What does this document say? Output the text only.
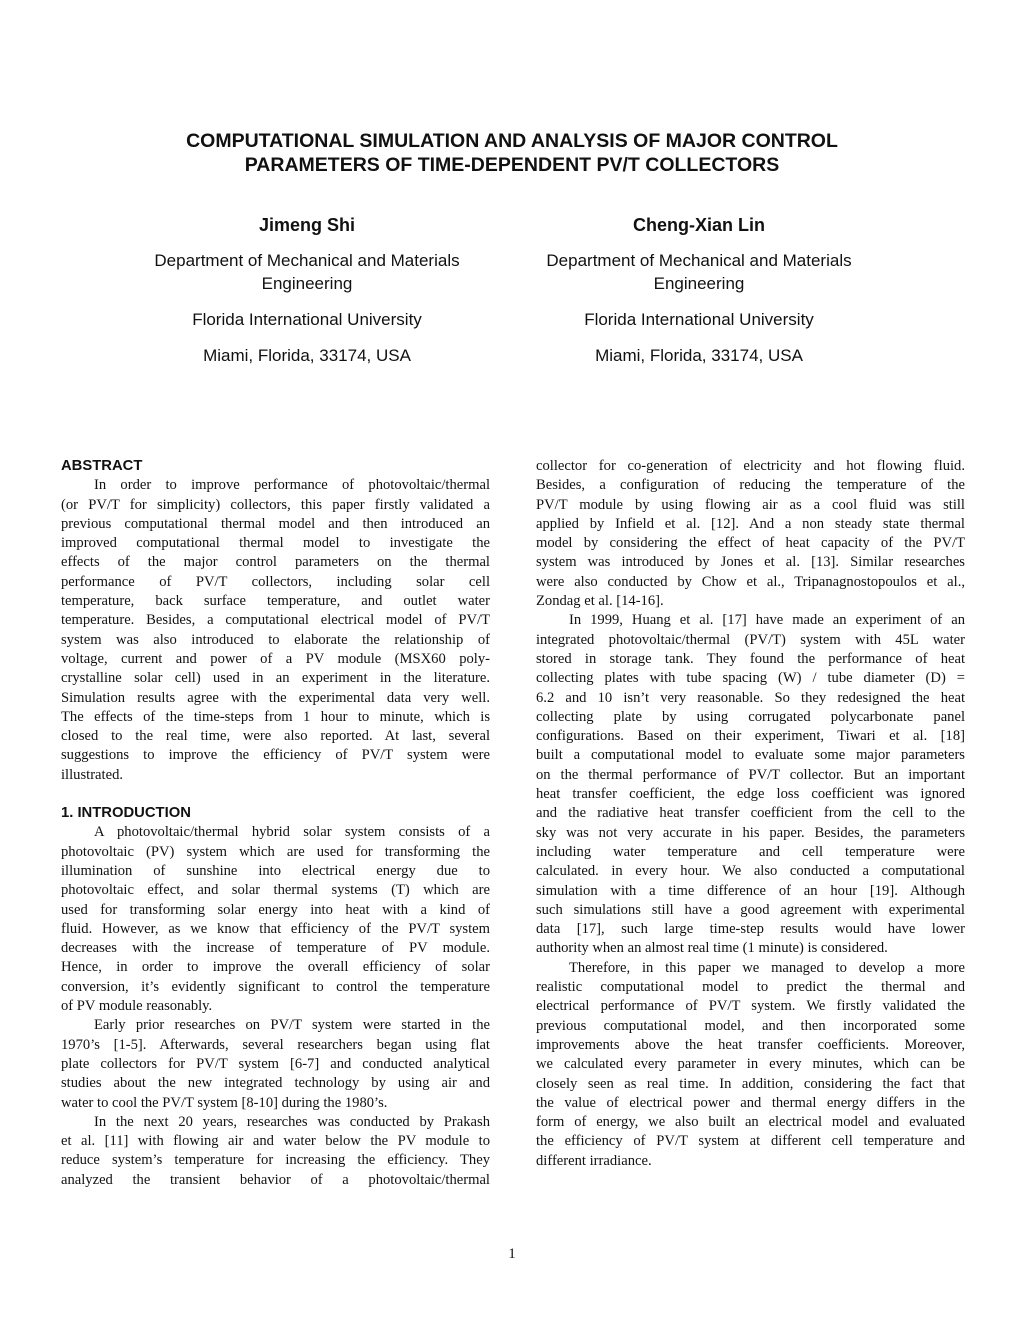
COMPUTATIONAL SIMULATION AND ANALYSIS OF MAJOR CONTROL
PARAMETERS OF TIME-DEPENDENT PV/T COLLECTORS
Jimeng Shi
Department of Mechanical and Materials
Engineering
Florida International University
Miami, Florida, 33174, USA
Cheng-Xian Lin
Department of Mechanical and Materials
Engineering
Florida International University
Miami, Florida, 33174, USA
ABSTRACT
In order to improve performance of photovoltaic/thermal
(or PV/T for simplicity) collectors, this paper firstly validated a
previous computational thermal model and then introduced an
improved computational thermal model to investigate the
effects of the major control parameters on the thermal
performance of PV/T collectors, including solar cell
temperature, back surface temperature, and outlet water
temperature. Besides, a computational electrical model of PV/T
system was also introduced to elaborate the relationship of
voltage, current and power of a PV module (MSX60 poly-
crystalline solar cell) used in an experiment in the literature.
Simulation results agree with the experimental data very well.
The effects of the time-steps from 1 hour to minute, which is
closed to the real time, were also reported. At last, several
suggestions to improve the efficiency of PV/T system were
illustrated.
1. INTRODUCTION
A photovoltaic/thermal hybrid solar system consists of a
photovoltaic (PV) system which are used for transforming the
illumination of sunshine into electrical energy due to
photovoltaic effect, and solar thermal systems (T) which are
used for transforming solar energy into heat with a kind of
fluid. However, as we know that efficiency of the PV/T system
decreases with the increase of temperature of PV module.
Hence, in order to improve the overall efficiency of solar
conversion, it’s evidently significant to control the temperature
of PV module reasonably.
Early prior researches on PV/T system were started in the
1970’s [1-5]. Afterwards, several researchers began using flat
plate collectors for PV/T system [6-7] and conducted analytical
studies about the new integrated technology by using air and
water to cool the PV/T system [8-10] during the 1980’s.
In the next 20 years, researches was conducted by Prakash
et al. [11] with flowing air and water below the PV module to
reduce system’s temperature for increasing the efficiency. They
analyzed the transient behavior of a photovoltaic/thermal
collector for co-generation of electricity and hot flowing fluid.
Besides, a configuration of reducing the temperature of the
PV/T module by using flowing air as a cool fluid was still
applied by Infield et al. [12]. And a non steady state thermal
model by considering the effect of heat capacity of the PV/T
system was introduced by Jones et al. [13]. Similar researches
were also conducted by Chow et al., Tripanagnostopoulos et al.,
Zondag et al. [14-16].
In 1999, Huang et al. [17] have made an experiment of an
integrated photovoltaic/thermal (PV/T) system with 45L water
stored in storage tank. They found the performance of heat
collecting plates with tube spacing (W) / tube diameter (D) =
6.2 and 10 isn’t very reasonable. So they redesigned the heat
collecting plate by using corrugated polycarbonate panel
configurations. Based on their experiment, Tiwari et al. [18]
built a computational model to evaluate some major parameters
on the thermal performance of PV/T collector. But an important
heat transfer coefficient, the edge loss coefficient was ignored
and the radiative heat transfer coefficient from the cell to the
sky was not very accurate in his paper. Besides, the parameters
including water temperature and cell temperature were
calculated. in every hour. We also conducted a computational
simulation with a time difference of an hour [19]. Although
such simulations still have a good agreement with experimental
data [17], such large time-step results would have lower
authority when an almost real time (1 minute) is considered.
Therefore, in this paper we managed to develop a more
realistic computational model to predict the thermal and
electrical performance of PV/T system. We firstly validated the
previous computational model, and then incorporated some
improvements above the heat transfer coefficients. Moreover,
we calculated every parameter in every minutes, which can be
closely seen as real time. In addition, considering the fact that
the value of electrical power and thermal energy differs in the
form of energy, we also built an electrical model and evaluated
the efficiency of PV/T system at different cell temperature and
different irradiance.
1
